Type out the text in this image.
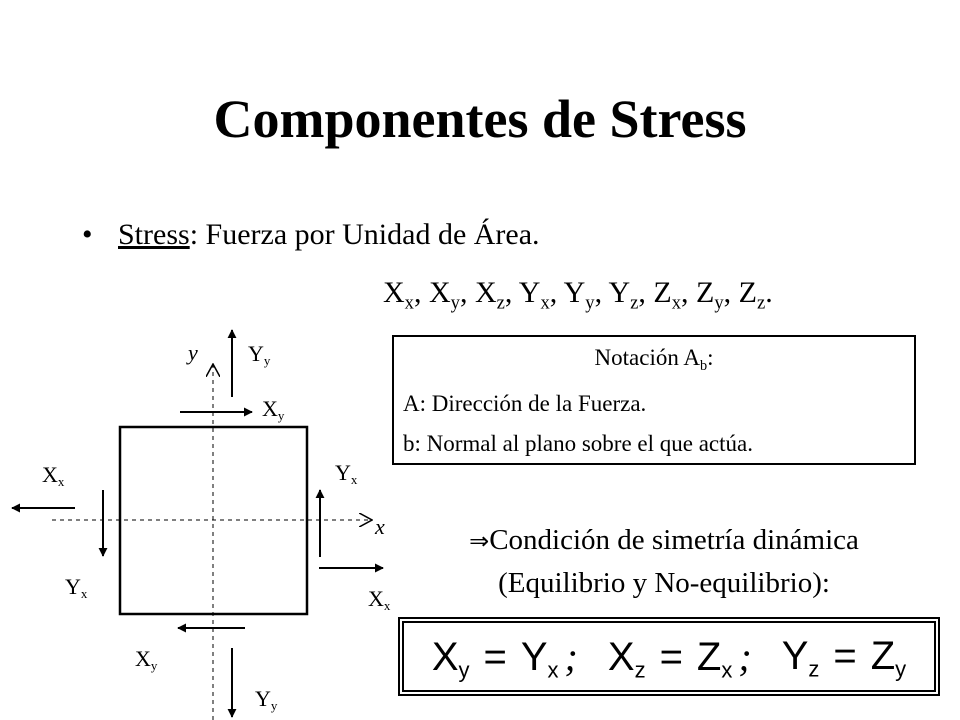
Componentes de Stress
• Stress: Fuerza por Unidad de Área.
$X_x$, $X_y$, $X_z$, $Y_x$, $Y_y$, $Y_z$, $Z_x$, $Z_y$, $Z_z$.
Notación $A_b$:
A: Dirección de la Fuerza.
b: Normal al plano sobre el que actúa.
⇒Condición de simetría dinámica
(Equilibrio y No-equilibrio):
$X_y = Y_x$ ; $X_z = Z_x$ ; $Y_z = Z_y$
y
x
Yy
Xy
Xx	Yx
Yx	Xx
Xy
Yy
